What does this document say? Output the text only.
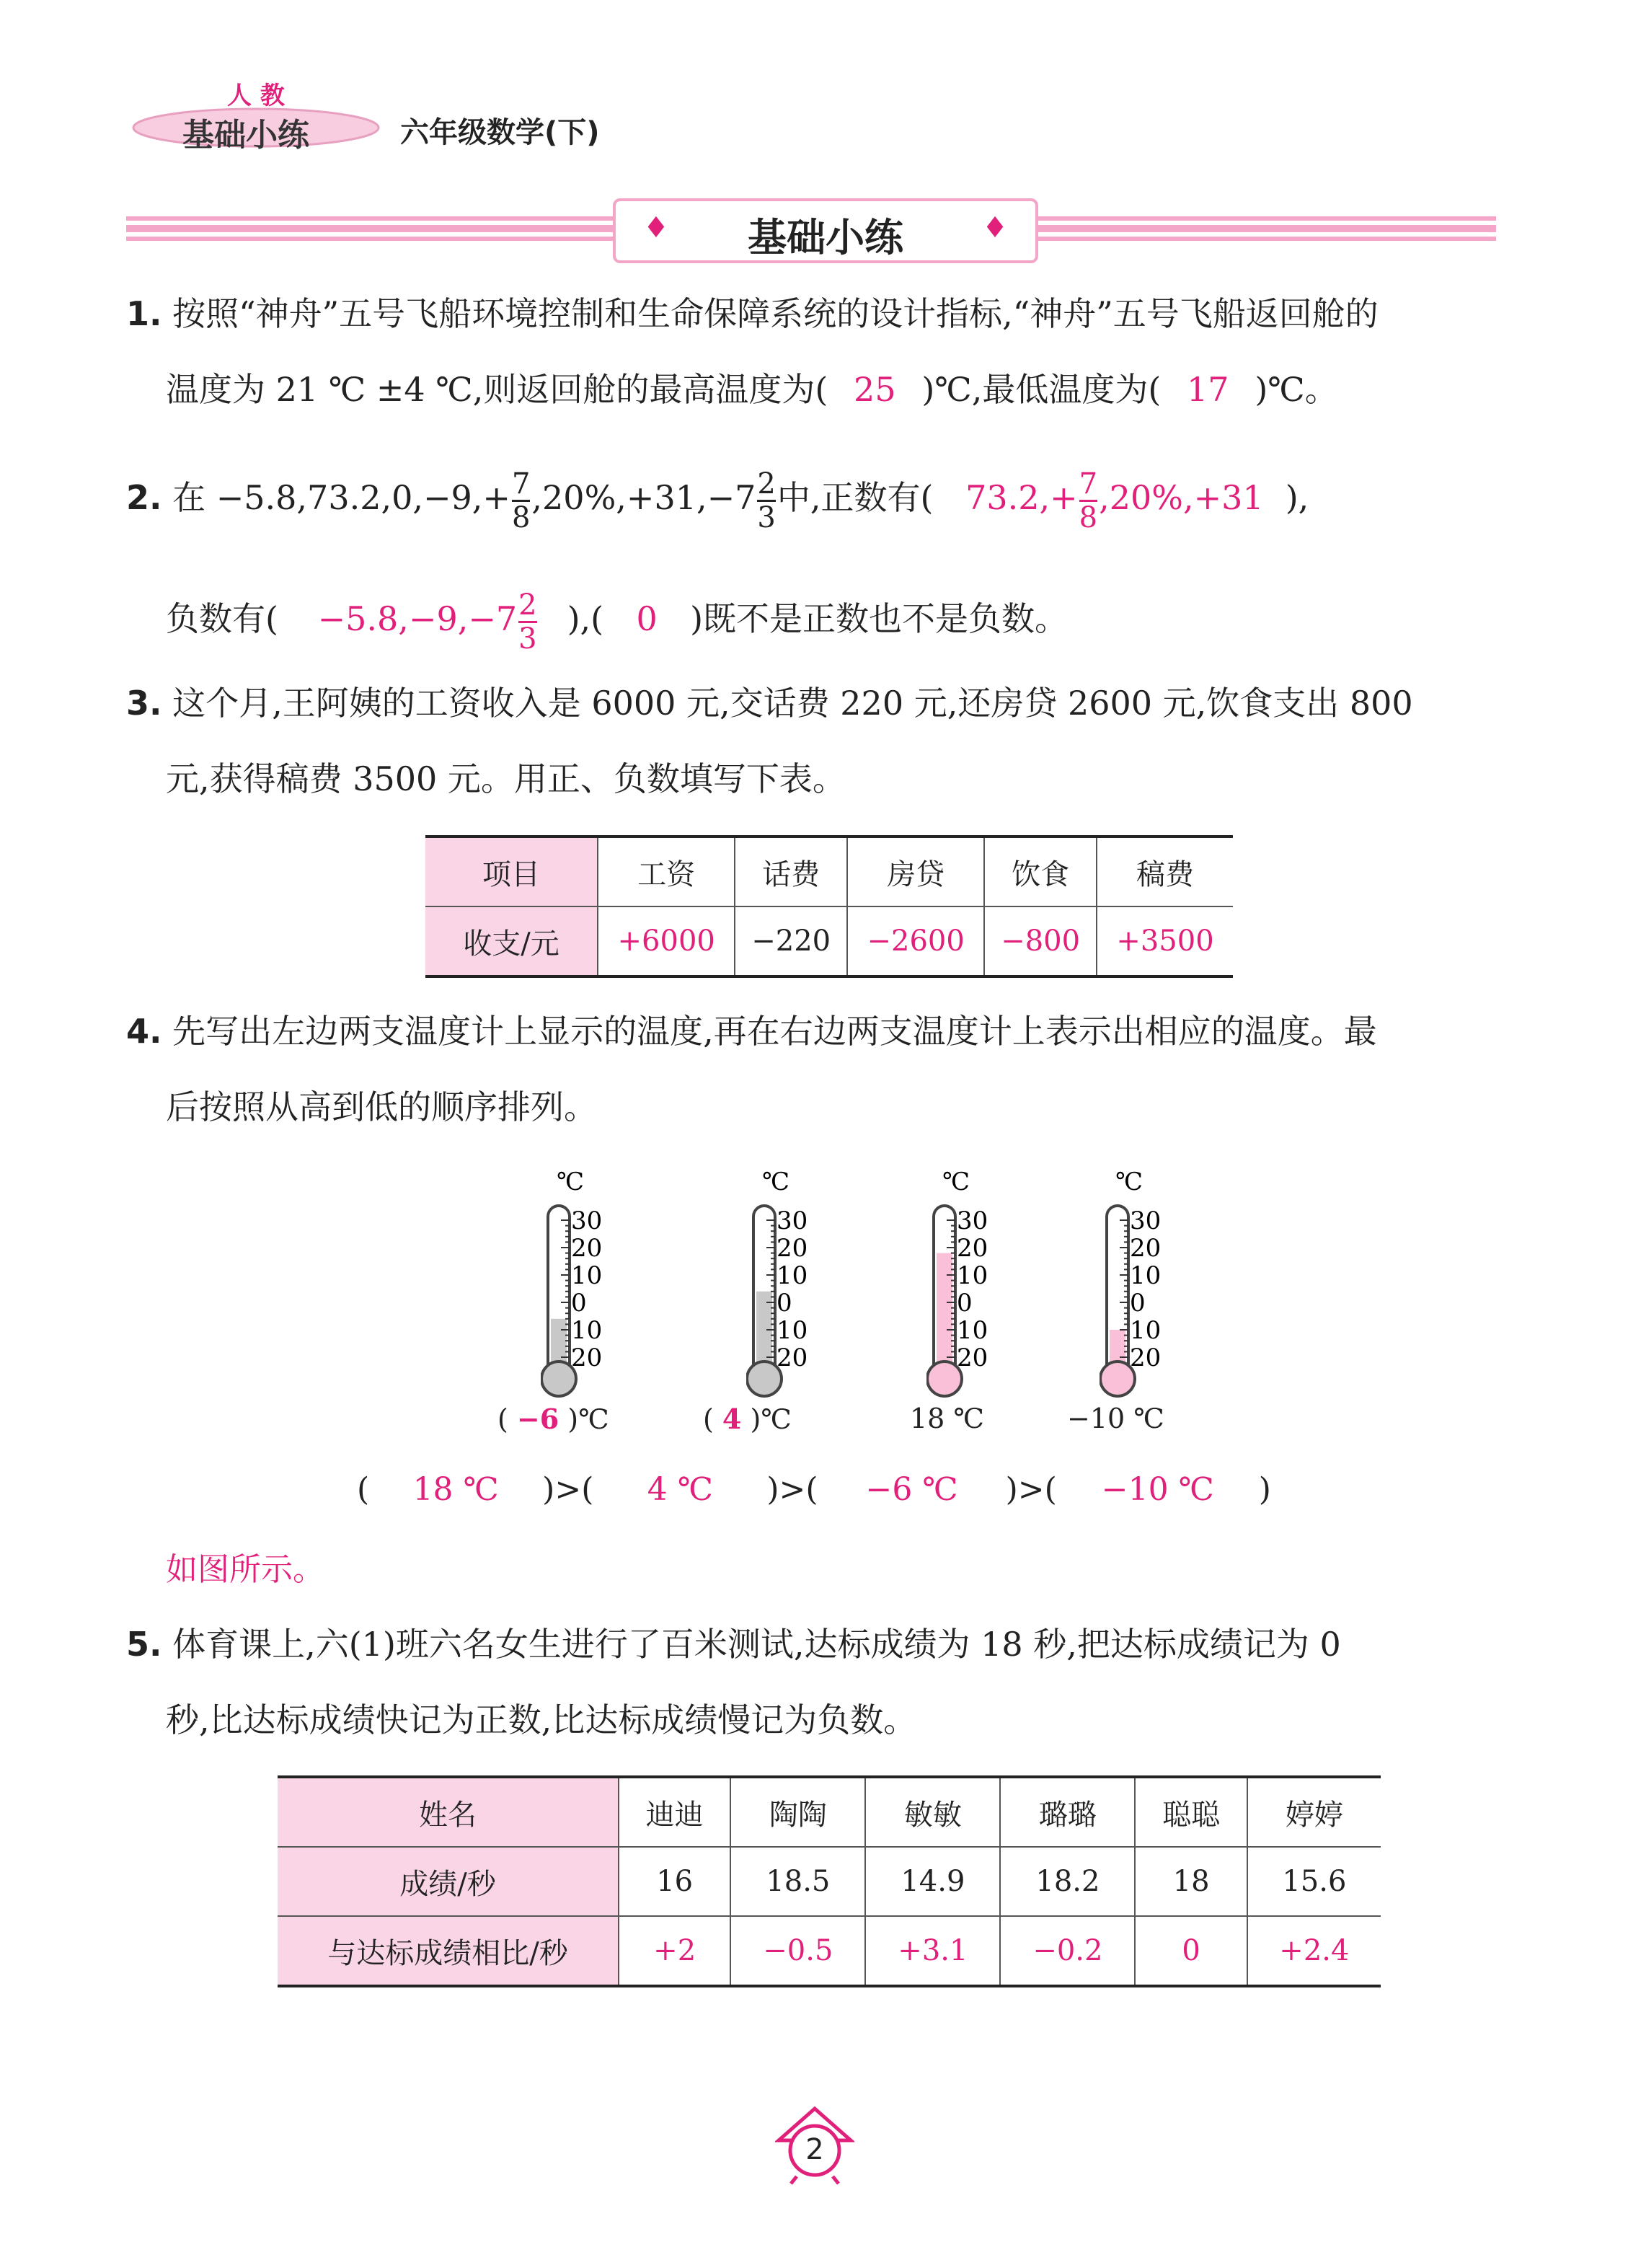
人 教
基础小练	六年级数学(下)
♦	基础小练	♦
1. 按照“神舟”五号飞船环境控制和生命保障系统的设计指标,“神舟”五号飞船返回舱的
温度为 21 ℃ ±4 ℃,则返回舱的最高温度为( 25 )℃,最低温度为( 17 )℃。
2. 在 $-5.8,73.2,0,-9,+ \frac{7}{8} ,20\%,+31,-7 \frac{2}{3}$ 中,正数有( $73.2,+ \frac{7}{8} ,20\%,+31$ ),
负数有( $-5.8,-9,-7 \frac{2}{3}$ ),( 0 )既不是正数也不是负数。
3. 这个月,王阿姨的工资收入是 6000 元,交话费 220 元,还房贷 2600 元,饮食支出 800
元,获得稿费 3500 元。用正、负数填写下表。
项目	工资	话费	房贷	饮食	稿费
收支/元	+6000	−220	−2600	−800	+3500
4. 先写出左边两支温度计上显示的温度,再在右边两支温度计上表示出相应的温度。最
后按照从高到低的顺序排列。
℃
30
20
10
0
10
20
℃
30
20
10
0
10
20
℃
30
20
10
0
10
20
℃
30
20
10
0
10
20
( −6 )℃	( 4 )℃	18 ℃	−10 ℃
( 18 ℃ )>( 4 ℃ )>( −6 ℃ )>( −10 ℃ )
如图所示。
5. 体育课上,六(1)班六名女生进行了百米测试,达标成绩为 18 秒,把达标成绩记为 0
秒,比达标成绩快记为正数,比达标成绩慢记为负数。
姓名	迪迪	陶陶	敏敏	璐璐	聪聪	婷婷
成绩/秒	16	18.5	14.9	18.2	18	15.6
与达标成绩相比/秒	+2	−0.5	+3.1	−0.2	0	+2.4
2
